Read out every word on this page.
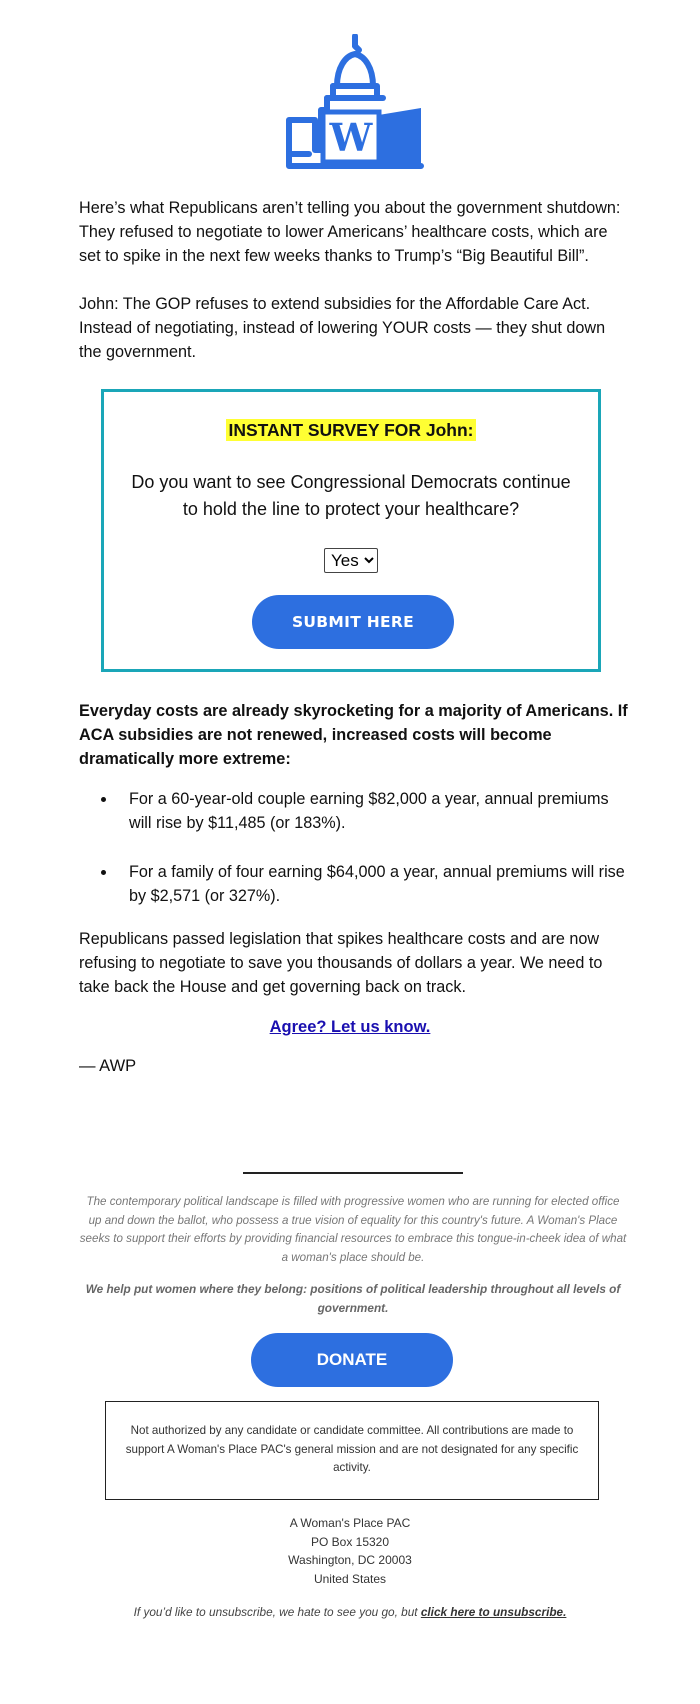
W

Here’s what Republicans aren’t telling you about the government shutdown: They refused to negotiate to lower Americans’ healthcare costs, which are set to spike in the next few weeks thanks to Trump’s “Big Beautiful Bill”.

John: The GOP refuses to extend subsidies for the Affordable Care Act. Instead of negotiating, instead of lowering YOUR costs — they shut down the government.

INSTANT SURVEY FOR John:

Do you want to see Congressional Democrats continue to hold the line to protect your healthcare?

Yes
SUBMIT HERE

Everyday costs are already skyrocketing for a majority of Americans. If ACA subsidies are not renewed, increased costs will become dramatically more extreme:

For a 60-year-old couple earning $82,000 a year, annual premiums will rise by $11,485 (or 183%).
For a family of four earning $64,000 a year, annual premiums will rise by $2,571 (or 327%).

Republicans passed legislation that spikes healthcare costs and are now refusing to negotiate to save you thousands of dollars a year. We need to take back the House and get governing back on track.

Agree? Let us know.

— AWP

The contemporary political landscape is filled with progressive women who are running for elected office up and down the ballot, who possess a true vision of equality for this country's future. A Woman's Place seeks to support their efforts by providing financial resources to embrace this tongue-in-cheek idea of what a woman's place should be.

We help put women where they belong: positions of political leadership throughout all levels of government.

DONATE
Not authorized by any candidate or candidate committee. All contributions are made to support A Woman's Place PAC's general mission and are not designated for any specific activity.
A Woman's Place PAC
PO Box 15320
Washington, DC 20003
United States
If you’d like to unsubscribe, we hate to see you go, but click here to unsubscribe.
